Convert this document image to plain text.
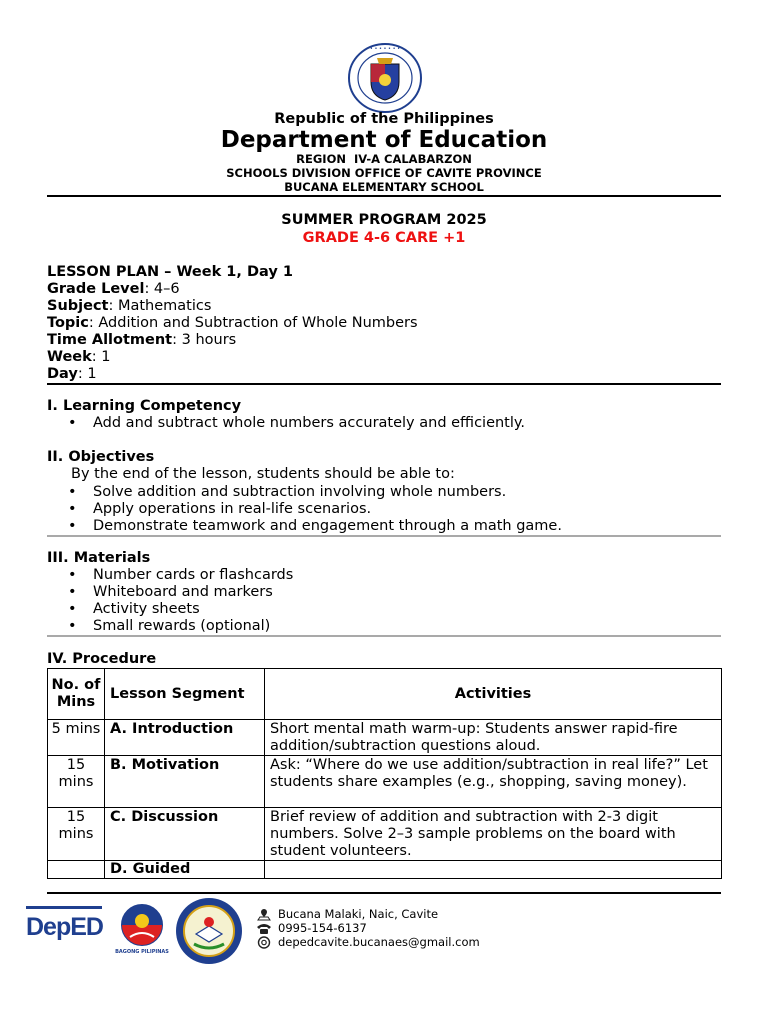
• • • • • • •
Republic of the Philippines
Department of Education
REGION  IV-A CALABARZON
SCHOOLS DIVISION OFFICE OF CAVITE PROVINCE
BUCANA ELEMENTARY SCHOOL
SUMMER PROGRAM 2025
GRADE 4-6 CARE +1
LESSON PLAN – Week 1, Day 1
Grade Level: 4–6
Subject: Mathematics
Topic: Addition and Subtraction of Whole Numbers
Time Allotment: 3 hours
Week: 1
Day: 1
I. Learning Competency
• Add and subtract whole numbers accurately and efficiently.
II. Objectives
By the end of the lesson, students should be able to:
• Solve addition and subtraction involving whole numbers.
• Apply operations in real-life scenarios.
• Demonstrate teamwork and engagement through a math game.
III. Materials
• Number cards or flashcards
• Whiteboard and markers
• Activity sheets
• Small rewards (optional)
IV. Procedure
No. of Mins	Lesson Segment	Activities
5 mins	A. Introduction	Short mental math warm-up: Students answer rapid-fire addition/subtraction questions aloud.
15 mins	B. Motivation	Ask: “Where do we use addition/subtraction in real life?” Let students share examples (e.g., shopping, saving money).
15 mins	C. Discussion	Brief review of addition and subtraction with 2-3 digit numbers. Solve 2–3 sample problems on the board with student volunteers.
	D. Guided	
DepED
BAGONG PILIPINAS
Bucana Malaki, Naic, Cavite
0995-154-6137
depedcavite.bucanaes@gmail.com
